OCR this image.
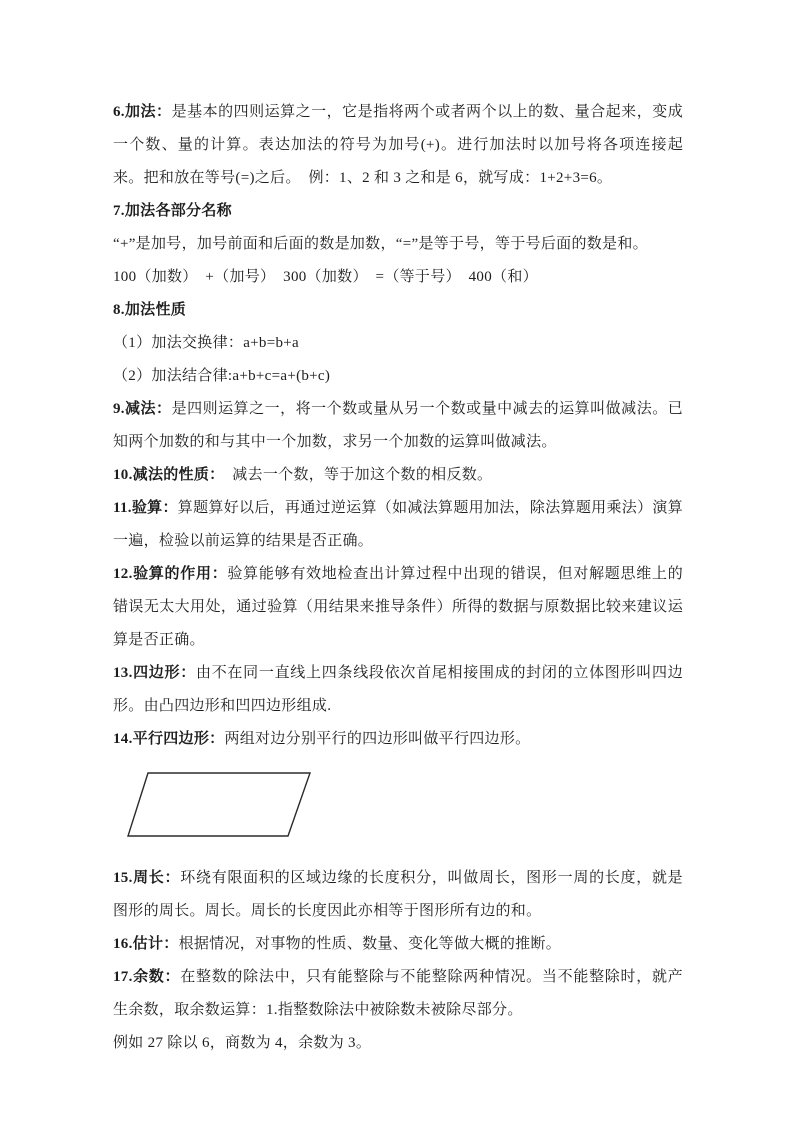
6.加法：是基本的四则运算之一，它是指将两个或者两个以上的数、量合起来，变成一个数、量的计算。表达加法的符号为加号(+)。进行加法时以加号将各项连接起来。把和放在等号(=)之后。　例：1、2 和 3 之和是 6，就写成：1+2+3=6。

7.加法各部分名称

“+”是加号，加号前面和后面的数是加数，“=”是等于号，等于号后面的数是和。

100（加数）　+（加号）　300（加数）　=（等于号）　400（和）

8.加法性质

（1）加法交换律：a+b=b+a

（2）加法结合律:a+b+c=a+(b+c)

9.减法：是四则运算之一，将一个数或量从另一个数或量中减去的运算叫做减法。已知两个加数的和与其中一个加数，求另一个加数的运算叫做减法。

10.减法的性质：　减去一个数，等于加这个数的相反数。

11.验算：算题算好以后，再通过逆运算（如减法算题用加法，除法算题用乘法）演算一遍，检验以前运算的结果是否正确。

12.验算的作用：验算能够有效地检查出计算过程中出现的错误，但对解题思维上的错误无太大用处，通过验算（用结果来推导条件）所得的数据与原数据比较来建议运算是否正确。

13.四边形：由不在同一直线上四条线段依次首尾相接围成的封闭的立体图形叫四边形。由凸四边形和凹四边形组成.

14.平行四边形：两组对边分别平行的四边形叫做平行四边形。

15.周长：环绕有限面积的区域边缘的长度积分，叫做周长，图形一周的长度，就是图形的周长。周长。周长的长度因此亦相等于图形所有边的和。

16.估计：根据情况，对事物的性质、数量、变化等做大概的推断。

17.余数：在整数的除法中，只有能整除与不能整除两种情况。当不能整除时，就产生余数，取余数运算：1.指整数除法中被除数未被除尽部分。

例如 27 除以 6，商数为 4，余数为 3。
